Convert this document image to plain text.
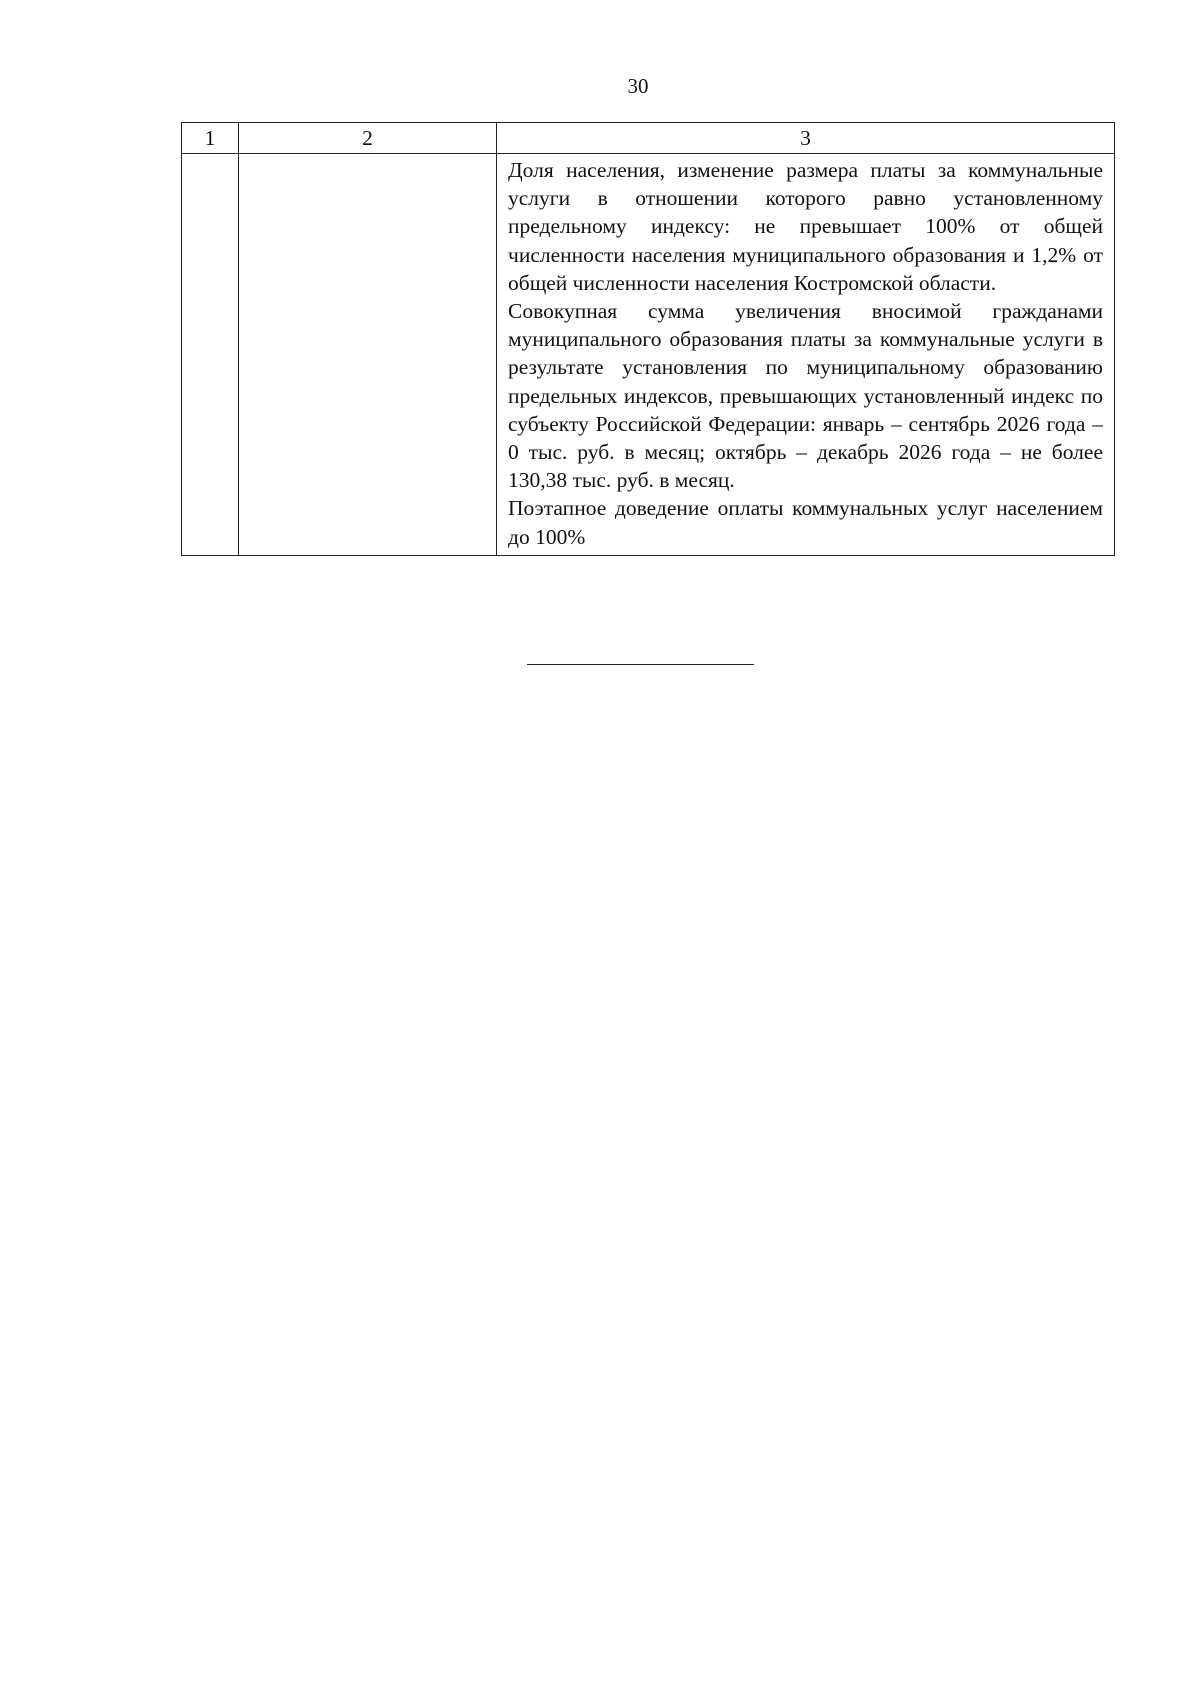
30
1	2	3

		Доля населения, изменение размера платы за коммунальные услуги в отношении которого равно установленному предельному индексу: не превышает 100% от общей численности населения муниципального образования и 1,2% от общей численности населения Костромской области.

Совокупная сумма увеличения вносимой гражданами муниципального образования платы за коммунальные услуги в результате установления по муниципальному образованию предельных индексов, превышающих установленный индекс по субъекту Российской Федерации: январь – сентябрь 2026 года – 0 тыс. руб. в месяц; октябрь – декабрь 2026 года – не более 130,38 тыс. руб. в месяц.

Поэтапное доведение оплаты коммунальных услуг населением до 100%
